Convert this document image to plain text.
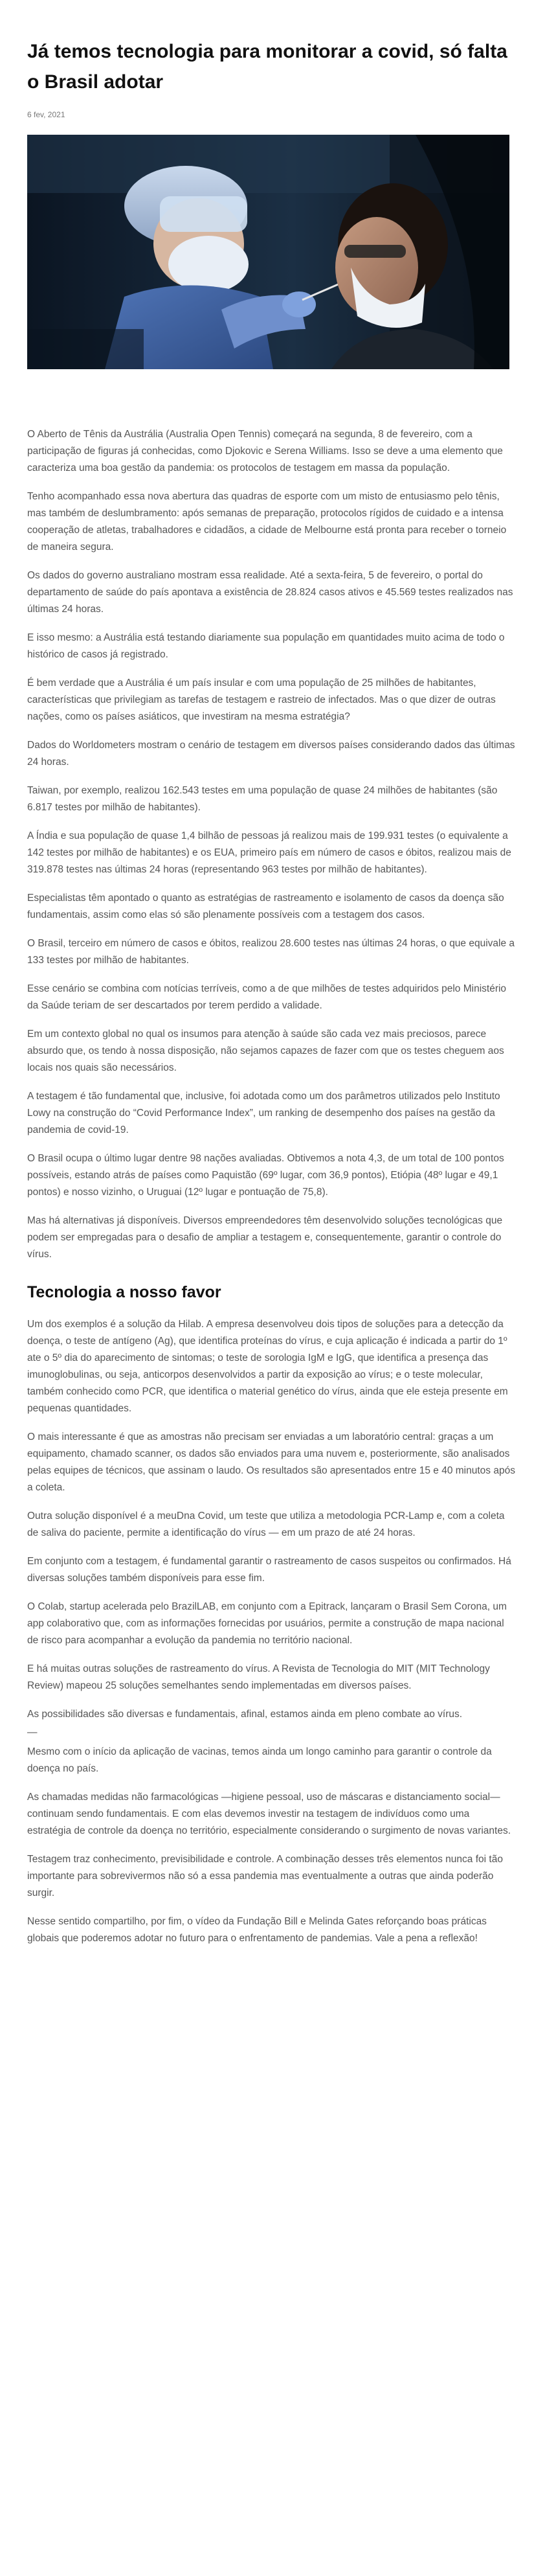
Já temos tecnologia para monitorar a covid, só falta o Brasil adotar
6 fev, 2021

O Aberto de Tênis da Austrália (Australia Open Tennis) começará na segunda, 8 de fevereiro, com a participação de figuras já conhecidas, como Djokovic e Serena Williams. Isso se deve a uma elemento que caracteriza uma boa gestão da pandemia: os protocolos de testagem em massa da população.

Tenho acompanhado essa nova abertura das quadras de esporte com um misto de entusiasmo pelo tênis, mas também de deslumbramento: após semanas de preparação, protocolos rígidos de cuidado e a intensa cooperação de atletas, trabalhadores e cidadãos, a cidade de Melbourne está pronta para receber o torneio de maneira segura.

Os dados do governo australiano mostram essa realidade. Até a sexta-feira, 5 de fevereiro, o portal do departamento de saúde do país apontava a existência de 28.824 casos ativos e 45.569 testes realizados nas últimas 24 horas.

E isso mesmo: a Austrália está testando diariamente sua população em quantidades muito acima de todo o histórico de casos já registrado.

É bem verdade que a Austrália é um país insular e com uma população de 25 milhões de habitantes, características que privilegiam as tarefas de testagem e rastreio de infectados. Mas o que dizer de outras nações, como os países asiáticos, que investiram na mesma estratégia?

Dados do Worldometers mostram o cenário de testagem em diversos países considerando dados das últimas 24 horas.

Taiwan, por exemplo, realizou 162.543 testes em uma população de quase 24 milhões de habitantes (são 6.817 testes por milhão de habitantes).

A Índia e sua população de quase 1,4 bilhão de pessoas já realizou mais de 199.931 testes (o equivalente a 142 testes por milhão de habitantes) e os EUA, primeiro país em número de casos e óbitos, realizou mais de 319.878 testes nas últimas 24 horas (representando 963 testes por milhão de habitantes).

Especialistas têm apontado o quanto as estratégias de rastreamento e isolamento de casos da doença são fundamentais, assim como elas só são plenamente possíveis com a testagem dos casos.

O Brasil, terceiro em número de casos e óbitos, realizou 28.600 testes nas últimas 24 horas, o que equivale a 133 testes por milhão de habitantes.

Esse cenário se combina com notícias terríveis, como a de que milhões de testes adquiridos pelo Ministério da Saúde teriam de ser descartados por terem perdido a validade.

Em um contexto global no qual os insumos para atenção à saúde são cada vez mais preciosos, parece absurdo que, os tendo à nossa disposição, não sejamos capazes de fazer com que os testes cheguem aos locais nos quais são necessários.

A testagem é tão fundamental que, inclusive, foi adotada como um dos parâmetros utilizados pelo Instituto Lowy na construção do “Covid Performance Index”, um ranking de desempenho dos países na gestão da pandemia de covid-19.

O Brasil ocupa o último lugar dentre 98 nações avaliadas. Obtivemos a nota 4,3, de um total de 100 pontos possíveis, estando atrás de países como Paquistão (69º lugar, com 36,9 pontos), Etiópia (48º lugar e 49,1 pontos) e nosso vizinho, o Uruguai (12º lugar e pontuação de 75,8).

Mas há alternativas já disponíveis. Diversos empreendedores têm desenvolvido soluções tecnológicas que podem ser empregadas para o desafio de ampliar a testagem e, consequentemente, garantir o controle do vírus.

Tecnologia a nosso favor

Um dos exemplos é a solução da Hilab. A empresa desenvolveu dois tipos de soluções para a detecção da doença, o teste de antígeno (Ag), que identifica proteínas do vírus, e cuja aplicação é indicada a partir do 1º ate o 5º dia do aparecimento de sintomas; o teste de sorologia IgM e IgG, que identifica a presença das imunoglobulinas, ou seja, anticorpos desenvolvidos a partir da exposição ao vírus; e o teste molecular, também conhecido como PCR, que identifica o material genético do vírus, ainda que ele esteja presente em pequenas quantidades.

O mais interessante é que as amostras não precisam ser enviadas a um laboratório central: graças a um equipamento, chamado scanner, os dados são enviados para uma nuvem e, posteriormente, são analisados pelas equipes de técnicos, que assinam o laudo. Os resultados são apresentados entre 15 e 40 minutos após a coleta.

Outra solução disponível é a meuDna Covid, um teste que utiliza a metodologia PCR-Lamp e, com a coleta de saliva do paciente, permite a identificação do vírus — em um prazo de até 24 horas.

Em conjunto com a testagem, é fundamental garantir o rastreamento de casos suspeitos ou confirmados. Há diversas soluções também disponíveis para esse fim.

O Colab, startup acelerada pelo BrazilLAB, em conjunto com a Epitrack, lançaram o Brasil Sem Corona, um app colaborativo que, com as informações fornecidas por usuários, permite a construção de mapa nacional de risco para acompanhar a evolução da pandemia no território nacional.

E há muitas outras soluções de rastreamento do vírus. A Revista de Tecnologia do MIT (MIT Technology Review) mapeou 25 soluções semelhantes sendo implementadas em diversos países.

As possibilidades são diversas e fundamentais, afinal, estamos ainda em pleno combate ao vírus.

—

Mesmo com o início da aplicação de vacinas, temos ainda um longo caminho para garantir o controle da doença no país.

As chamadas medidas não farmacológicas —higiene pessoal, uso de máscaras e distanciamento social— continuam sendo fundamentais. E com elas devemos investir na testagem de indivíduos como uma estratégia de controle da doença no território, especialmente considerando o surgimento de novas variantes.

Testagem traz conhecimento, previsibilidade e controle. A combinação desses três elementos nunca foi tão importante para sobrevivermos não só a essa pandemia mas eventualmente a outras que ainda poderão surgir.

Nesse sentido compartilho, por fim, o vídeo da Fundação Bill e Melinda Gates reforçando boas práticas globais que poderemos adotar no futuro para o enfrentamento de pandemias. Vale a pena a reflexão!
